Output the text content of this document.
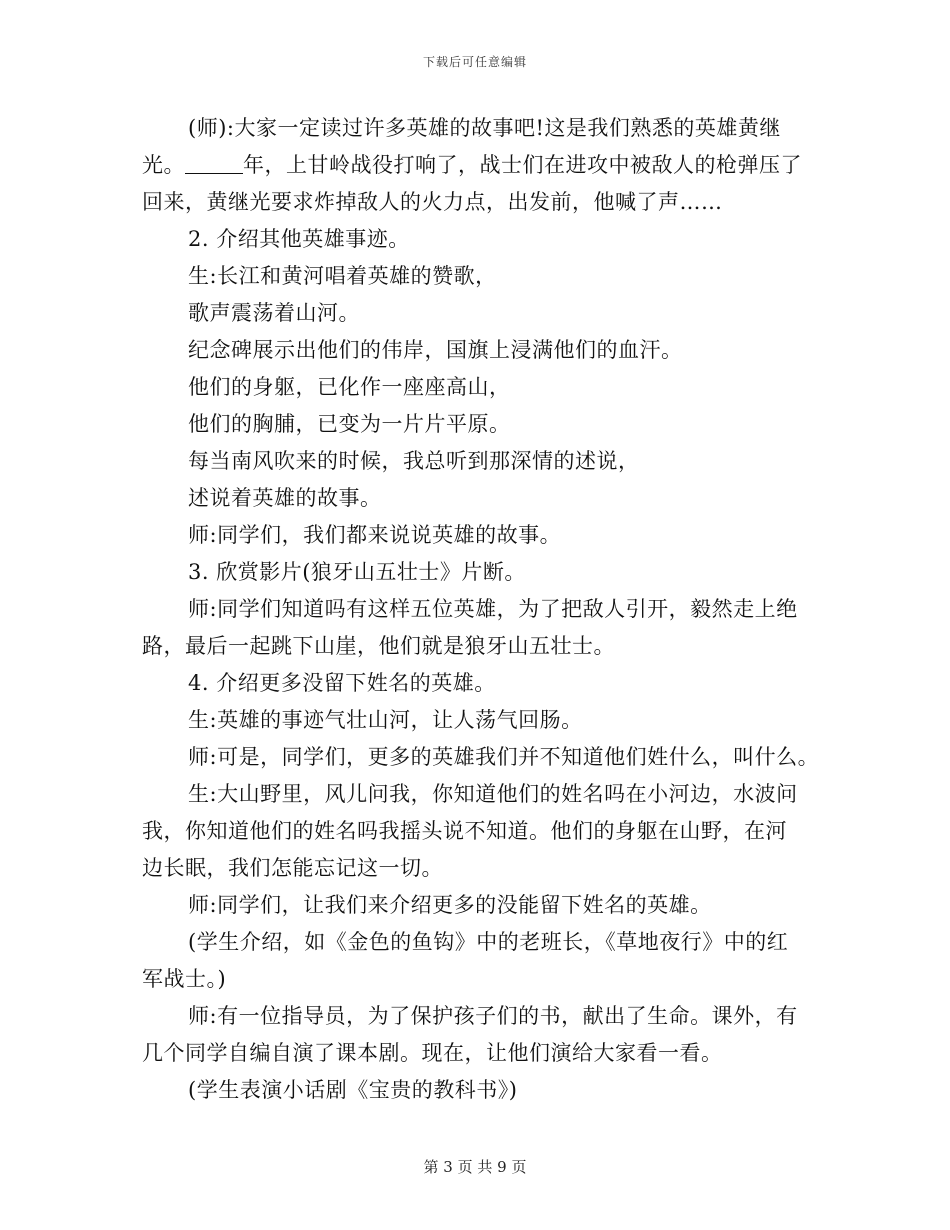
下载后可任意编辑
(师):大家一定读过许多英雄的故事吧!这是我们熟悉的英雄黄继
光。	年，上甘岭战役打响了，战士们在进攻中被敌人的枪弹压了
回来，黄继光要求炸掉敌人的火力点，出发前，他喊了声……
2. 介绍其他英雄事迹。
生:长江和黄河唱着英雄的赞歌，
歌声震荡着山河。
纪念碑展示出他们的伟岸，国旗上浸满他们的血汗。
他们的身躯，已化作一座座高山，
他们的胸脯，已变为一片片平原。
每当南风吹来的时候，我总听到那深情的述说，
述说着英雄的故事。
师:同学们，我们都来说说英雄的故事。
3. 欣赏影片(狼牙山五壮士》片断。
师:同学们知道吗有这样五位英雄，为了把敌人引开，毅然走上绝
路，最后一起跳下山崖，他们就是狼牙山五壮士。
4. 介绍更多没留下姓名的英雄。
生:英雄的事迹气壮山河，让人荡气回肠。
师:可是，同学们，更多的英雄我们并不知道他们姓什么，叫什么。
生:大山野里，风儿问我，你知道他们的姓名吗在小河边，水波问
我，你知道他们的姓名吗我摇头说不知道。他们的身躯在山野，在河
边长眠，我们怎能忘记这一切。
师:同学们，让我们来介绍更多的没能留下姓名的英雄。
(学生介绍，如《金色的鱼钩》中的老班长，《草地夜行》中的红
军战士。)
师:有一位指导员，为了保护孩子们的书，献出了生命。课外，有
几个同学自编自演了课本剧。现在，让他们演给大家看一看。
(学生表演小话剧《宝贵的教科书》)
第 3 页 共 9 页
